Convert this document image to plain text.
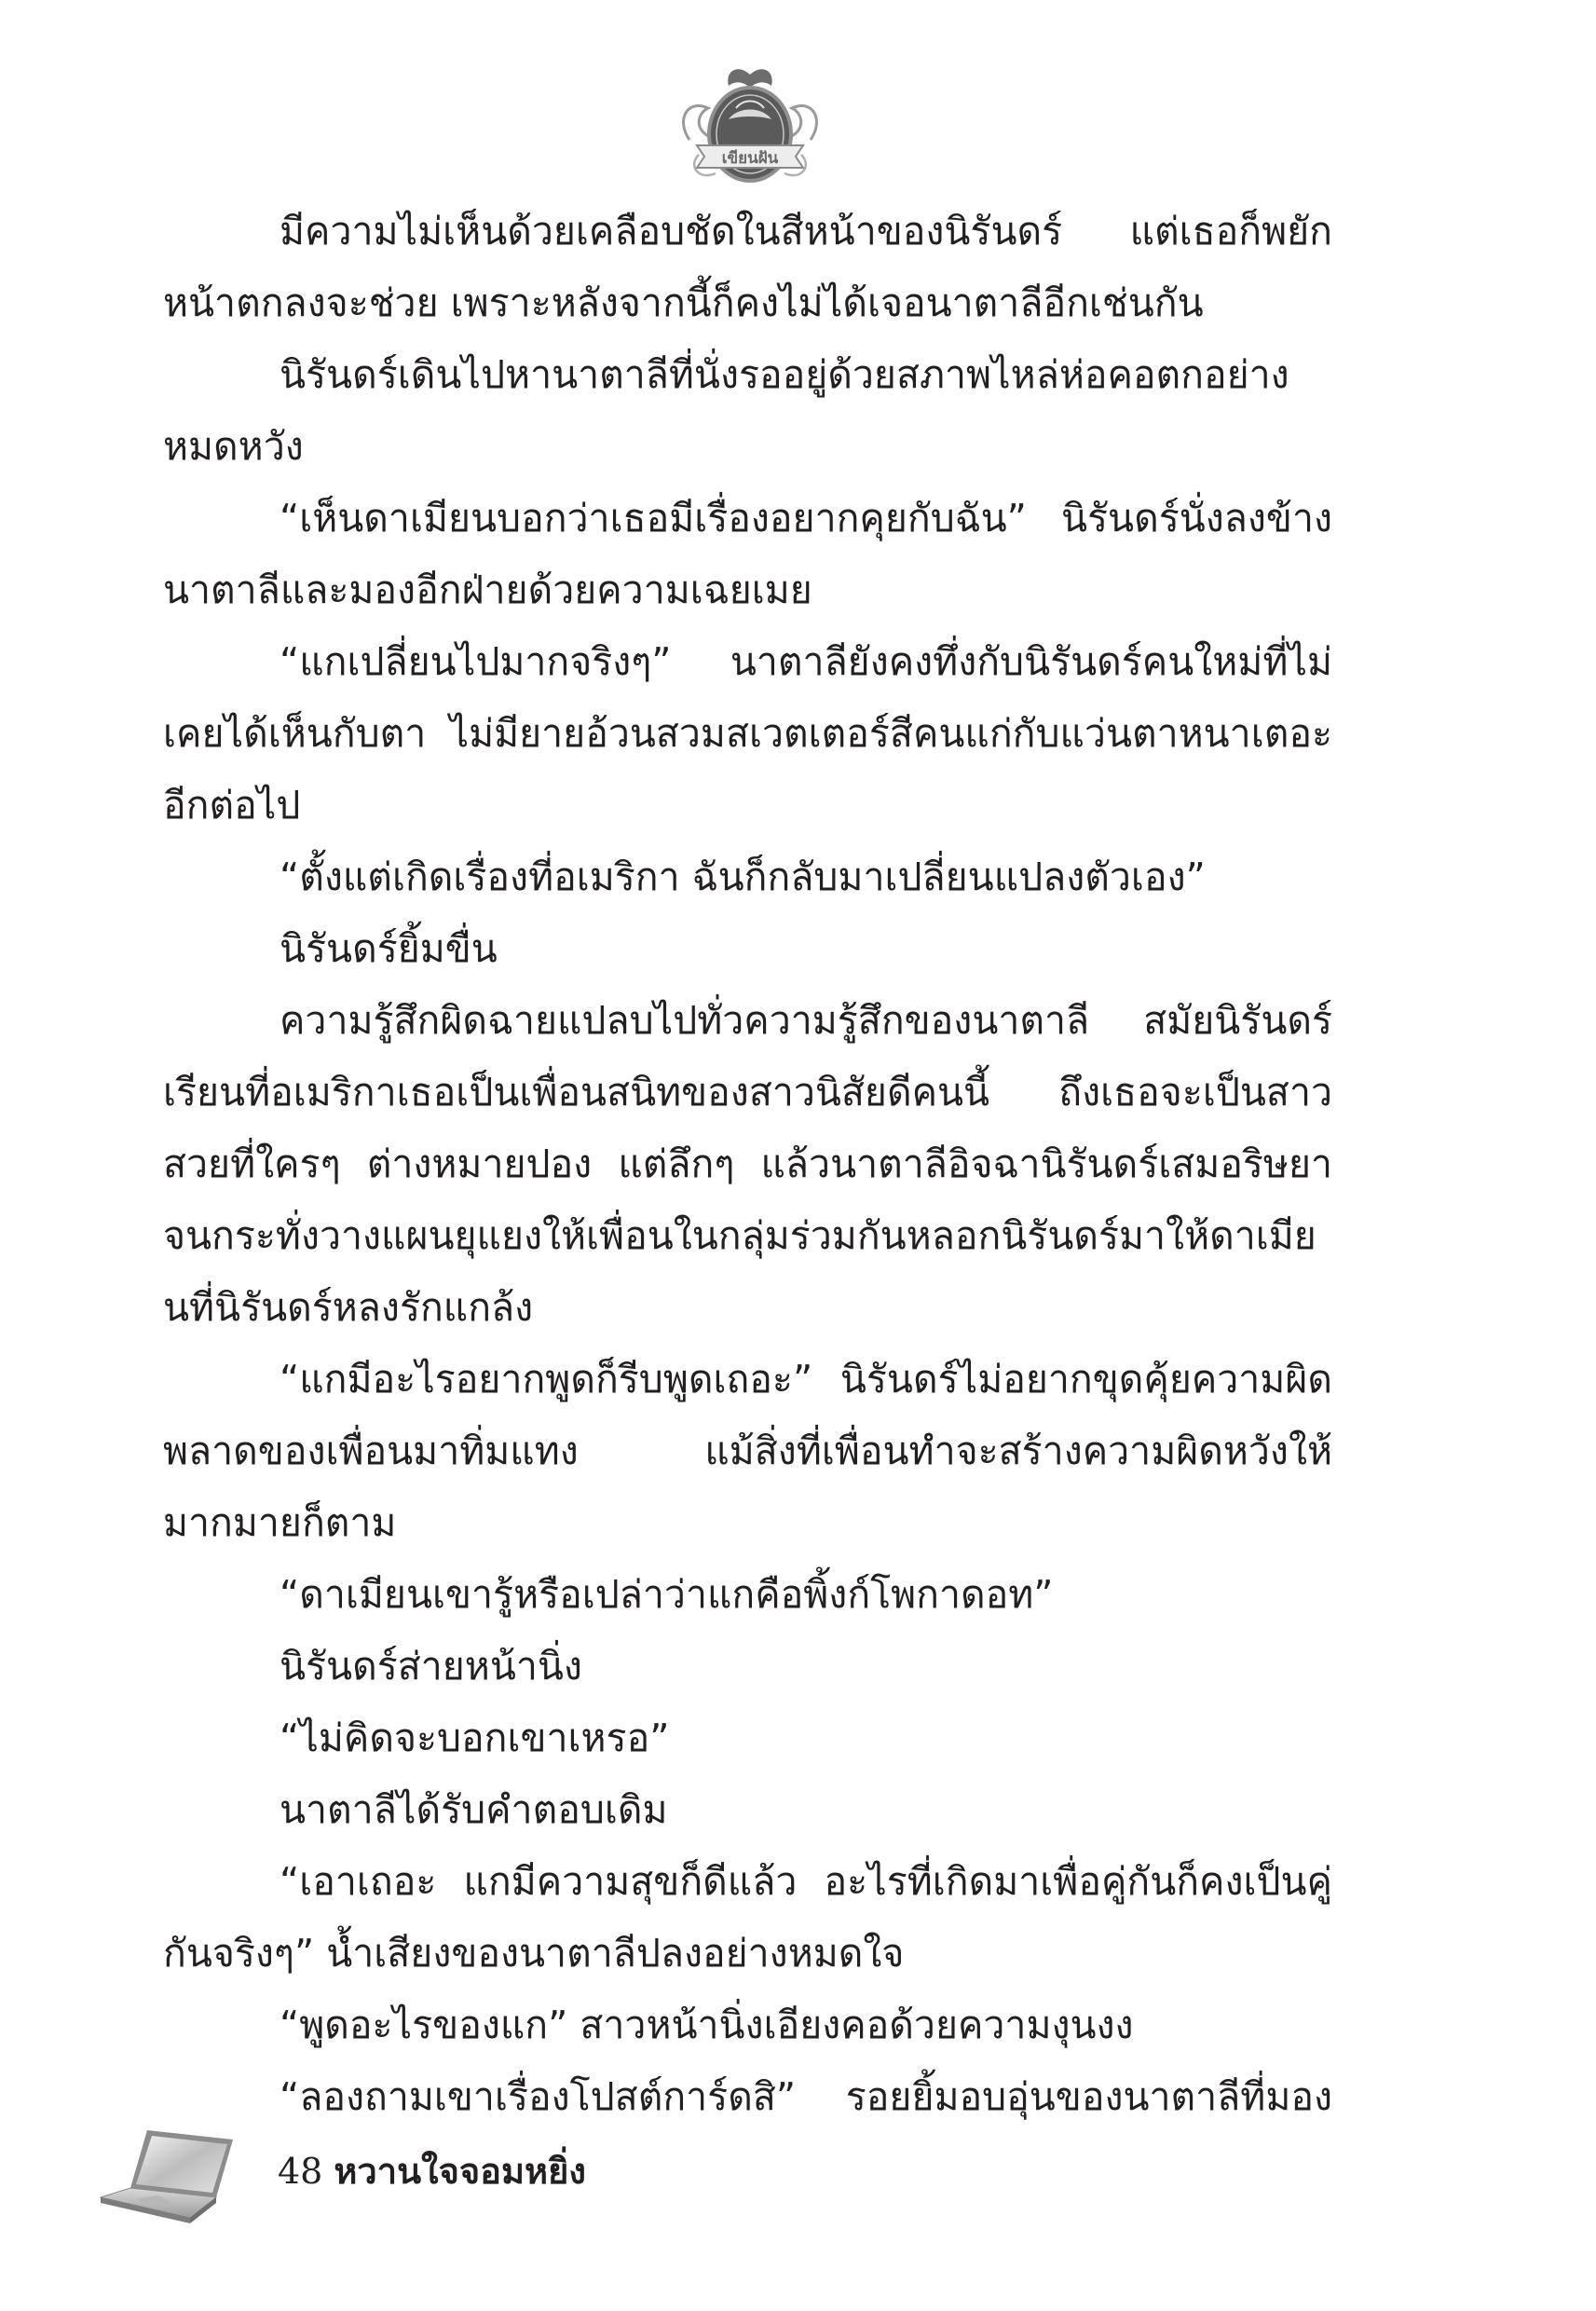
เขียนฝัน

มีความไม่เห็นด้วยเคลือบชัดในสีหน้าของนิรันดร์ แต่เธอก็พยักหน้าตกลงจะช่วย เพราะหลังจากนี้ก็คงไม่ได้เจอนาตาลีอีกเช่นกัน

นิรันดร์เดินไปหานาตาลีที่นั่งรออยู่ด้วยสภาพไหล่ห่อคอตกอย่างหมดหวัง

“เห็นดาเมียนบอกว่าเธอมีเรื่องอยากคุยกับฉัน” นิรันดร์นั่งลงข้างนาตาลีและมองอีกฝ่ายด้วยความเฉยเมย

“แกเปลี่ยนไปมากจริงๆ” นาตาลียังคงทึ่งกับนิรันดร์คนใหม่ที่ไม่เคยได้เห็นกับตา ไม่มียายอ้วนสวมสเวตเตอร์สีคนแก่กับแว่นตาหนาเตอะอีกต่อไป

“ตั้งแต่เกิดเรื่องที่อเมริกา ฉันก็กลับมาเปลี่ยนแปลงตัวเอง”

นิรันดร์ยิ้มขื่น

ความรู้สึกผิดฉายแปลบไปทั่วความรู้สึกของนาตาลี สมัยนิรันดร์เรียนที่อเมริกาเธอเป็นเพื่อนสนิทของสาวนิสัยดีคนนี้ ถึงเธอจะเป็นสาวสวยที่ใครๆ ต่างหมายปอง แต่ลึกๆ แล้วนาตาลีอิจฉานิรันดร์เสมอริษยาจนกระทั่งวางแผนยุแยงให้เพื่อนในกลุ่มร่วมกันหลอกนิรันดร์มาให้ดาเมียนที่นิรันดร์หลงรักแกล้ง

“แกมีอะไรอยากพูดก็รีบพูดเถอะ” นิรันดร์ไม่อยากขุดคุ้ยความผิดพลาดของเพื่อนมาทิ่มแทง แม้สิ่งที่เพื่อนทำจะสร้างความผิดหวังให้มากมายก็ตาม

“ดาเมียนเขารู้หรือเปล่าว่าแกคือพิ้งก์โพกาดอท”

นิรันดร์ส่ายหน้านิ่ง

“ไม่คิดจะบอกเขาเหรอ”

นาตาลีได้รับคำตอบเดิม

“เอาเถอะ แกมีความสุขก็ดีแล้ว อะไรที่เกิดมาเพื่อคู่กันก็คงเป็นคู่กันจริงๆ” น้ำเสียงของนาตาลีปลงอย่างหมดใจ

“พูดอะไรของแก” สาวหน้านิ่งเอียงคอด้วยความงุนงง

“ลองถามเขาเรื่องโปสต์การ์ดสิ” รอยยิ้มอบอุ่นของนาตาลีที่มอง

48 หวานใจจอมหยิ่ง
